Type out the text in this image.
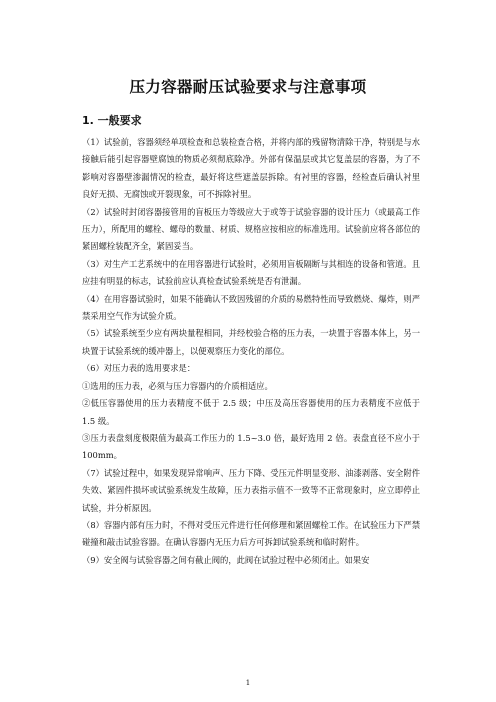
压力容器耐压试验要求与注意事项
1. 一般要求

（1）试验前，容器须经单项检查和总装检查合格，并将内部的残留物清除干净，特别是与水接触后能引起容器壁腐蚀的物质必须彻底除净。外部有保温层或其它复盖层的容器，为了不影响对容器壁渗漏情况的检查，最好将这些遮盖层拆除。有衬里的容器，经检查后确认衬里良好无损、无腐蚀或开裂现象，可不拆除衬里。

（2）试验时封闭容器接管用的盲板压力等级应大于或等于试验容器的设计压力（或最高工作压力），所配用的螺栓、螺母的数量、材质、规格应按相应的标准选用。试验前应将各部位的紧固螺栓装配齐全，紧固妥当。

（3）对生产工艺系统中的在用容器进行试验时，必须用盲板隔断与其相连的设备和管道。且应挂有明显的标志，试验前应认真检查试验系统是否有泄漏。

（4）在用容器试验时，如果不能确认不致因残留的介质的易燃特性而导致燃烧、爆炸，则严禁采用空气作为试验介质。

（5）试验系统至少应有两块量程相同，并经校验合格的压力表，一块置于容器本体上，另一块置于试验系统的缓冲器上，以便观察压力变化的部位。

（6）对压力表的选用要求是：

①选用的压力表，必须与压力容器内的介质相适应。

②低压容器使用的压力表精度不低于 2.5 级；中压及高压容器使用的压力表精度不应低于 1.5 级。

③压力表盘刻度极限值为最高工作压力的 1.5~3.0 倍，最好选用 2 倍。表盘直径不应小于 100mm。

（7）试验过程中，如果发现异常响声、压力下降、受压元件明显变形、油漆剥落、安全附件失效、紧固件损坏或试验系统发生故障，压力表指示值不一致等不正常现象时，应立即停止试验，并分析原因。

（8）容器内部有压力时，不得对受压元件进行任何修理和紧固螺栓工作。在试验压力下严禁碰撞和敲击试验容器。在确认容器内无压力后方可拆卸试验系统和临时附件。

（9）安全阀与试验容器之间有截止阀的，此阀在试验过程中必须闭止。如果安

1
